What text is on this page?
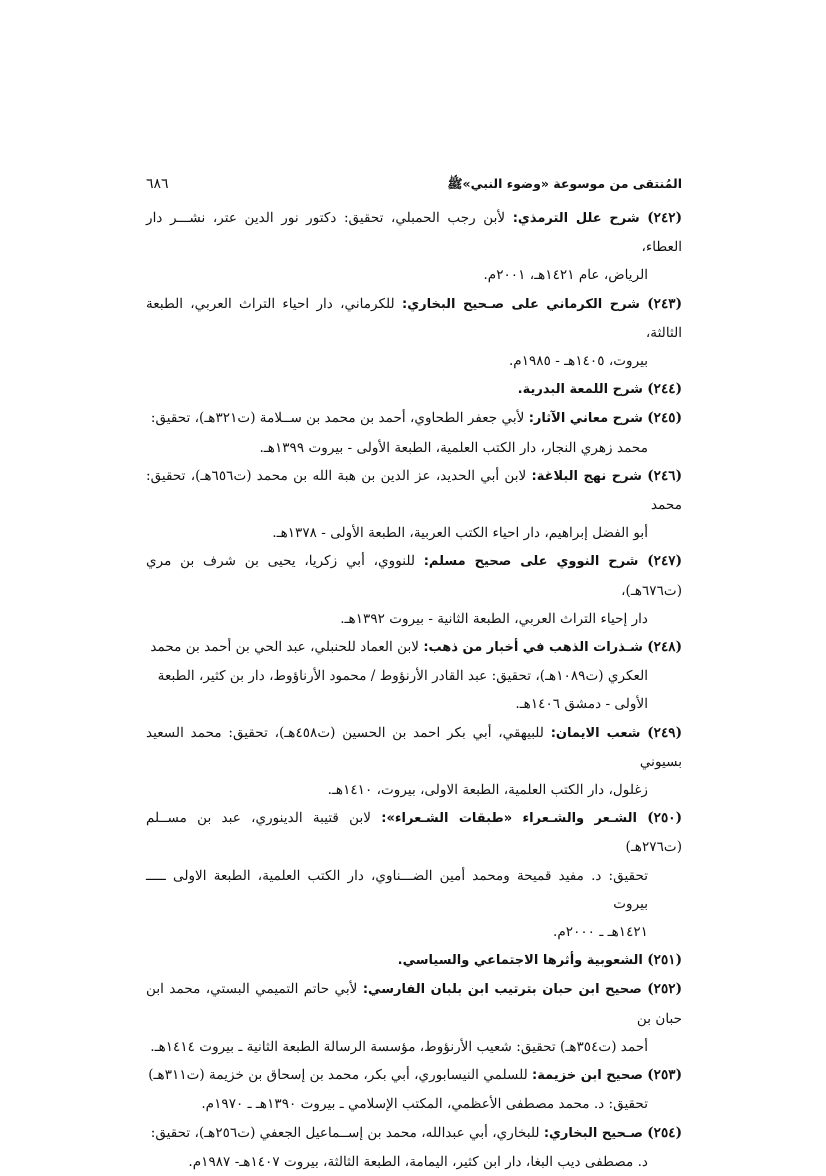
المُنتقى من موسوعة «وضوء النبي»ﷺ
٦٨٦
(٢٤٢) شرح علل الترمذي: لأبن رجب الحمبلي، تحقيق: دكتور نور الدين عتر، نشـــر دار العطاء،
الرياض، عام ١٤٢١هـ، ٢٠٠١م.
(٢٤٣) شرح الكرماني على صـحيح البخاري: للكرماني، دار احياء التراث العربي، الطبعة الثالثة،
بيروت، ١٤٠٥هـ - ١٩٨٥م.
(٢٤٤) شرح اللمعة البدرية.
(٢٤٥) شرح معاني الآثار: لأبي جعفر الطحاوي، أحمد بن محمد بن ســلامة (ت٣٢١هـ)، تحقيق:
محمد زهري النجار، دار الكتب العلمية، الطبعة الأولى - بيروت ١٣٩٩هـ.
(٢٤٦) شرح نهج البلاغة: لابن أبي الحديد، عز الدين بن هبة الله بن محمد (ت٦٥٦هـ)، تحقيق: محمد
أبو الفضل إبراهيم، دار احياء الكتب العربية، الطبعة الأولى - ١٣٧٨هـ.
(٢٤٧) شرح النووي على صحيح مسلم: للنووي، أبي زكريا، يحيى بن شرف بن مري (ت٦٧٦هـ)،
دار إحياء التراث العربي، الطبعة الثانية - بيروت ١٣٩٢هـ.
(٢٤٨) شـذرات الذهب في أخبار من ذهب: لابن العماد للحنبلي، عبد الحي بن أحمد بن محمد
العكري (ت١٠٨٩هـ)، تحقيق: عبد القادر الأرنؤوط / محمود الأرناؤوط، دار بن كثير، الطبعة
الأولى - دمشق ١٤٠٦هـ.
(٢٤٩) شعب الايمان: للبيهقي، أبي بكر احمد بن الحسين (ت٤٥٨هـ)، تحقيق: محمد السعيد بسيوني
زغلول، دار الكتب العلمية، الطبعة الاولى، بيروت، ١٤١٠هـ.
(٢٥٠) الشـعر والشـعراء «طبقات الشـعراء»: لابن قتيبة الدينوري، عبد بن مســلم (ت٢٧٦هـ)
تحقيق: د. مفيد قميحة ومحمد أمين الضـــناوي، دار الكتب العلمية، الطبعة الاولى ـــــ بيروت
١٤٢١هـ ـ ٢٠٠٠م.
(٢٥١) الشعوبية وأثرها الاجتماعي والسياسي.
(٢٥٢) صحيح ابن حبان بترتيب ابن بلبان الفارسي: لأبي حاتم التميمي البستي، محمد ابن حبان بن
أحمد (ت٣٥٤هـ) تحقيق: شعيب الأرنؤوط، مؤسسة الرسالة الطبعة الثانية ـ بيروت ١٤١٤هـ.
(٢٥٣) صحيح ابن خزيمة: للسلمي النيسابوري، أبي بكر، محمد بن إسحاق بن خزيمة (ت٣١١هـ)
تحقيق: د. محمد مصطفى الأعظمي، المكتب الإسلامي ـ بيروت ١٣٩٠هـ ـ ١٩٧٠م.
(٢٥٤) صـحيح البخاري: للبخاري، أبي عبدالله، محمد بن إســماعيل الجعفي (ت٢٥٦هـ)، تحقيق:
د. مصطفى ديب البغا، دار ابن كثير، اليمامة، الطبعة الثالثة، بيروت ١٤٠٧هـ- ١٩٨٧م.
